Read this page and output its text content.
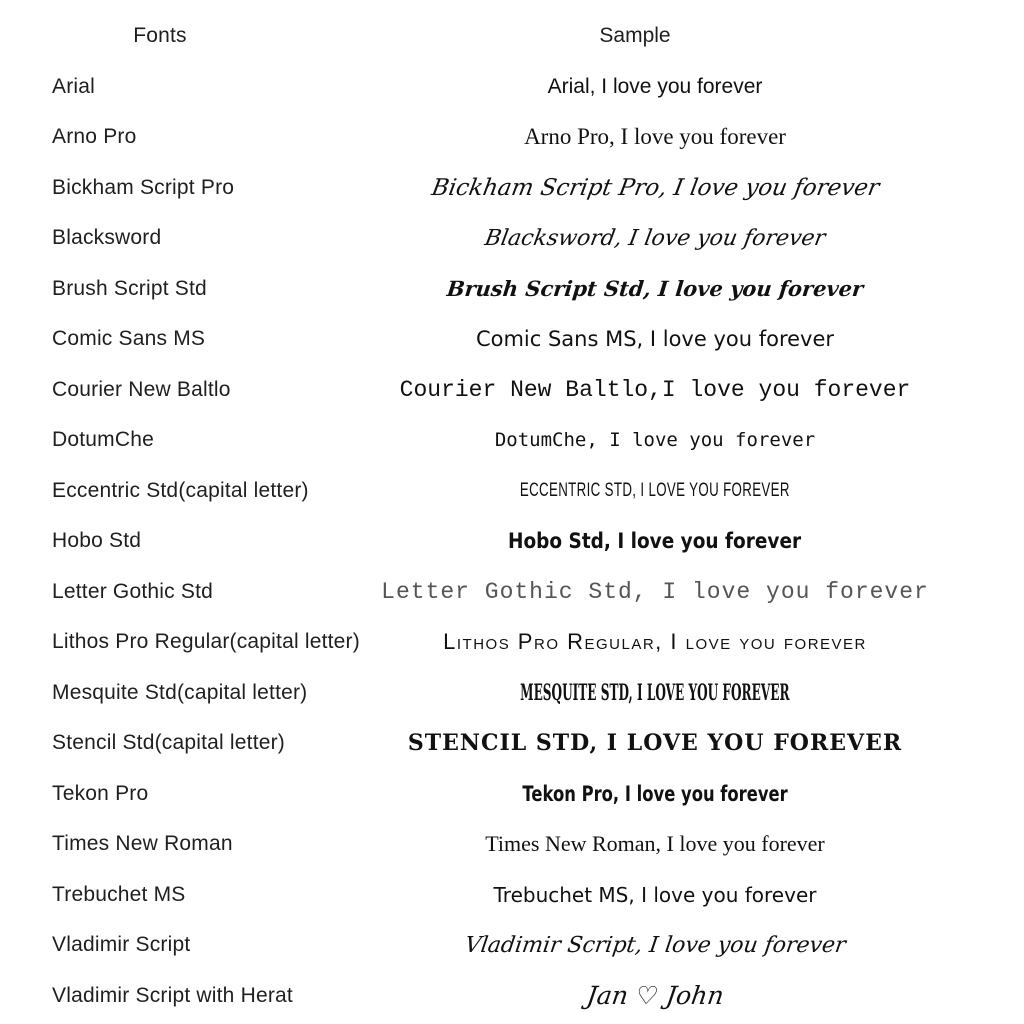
Fonts	Sample
Arial	Arial, I love you forever
Arno Pro	Arno Pro, I love you forever
Bickham Script Pro	Bickham Script Pro, I love you forever
Blacksword	Blacksword, I love you forever
Brush Script Std	Brush Script Std, I love you forever
Comic Sans MS	Comic Sans MS, I love you forever
Courier New Baltlo	Courier New Baltlo,I love you forever
DotumChe	DotumChe, I love you forever
Eccentric Std(capital letter)	ECCENTRIC STD, I LOVE YOU FOREVER
Hobo Std	Hobo Std, I love you forever
Letter Gothic Std	Letter Gothic Std, I love you forever
Lithos Pro Regular(capital letter)	Lithos Pro Regular, I love you forever
Mesquite Std(capital letter)	MESQUITE STD, I LOVE YOU FOREVER
Stencil Std(capital letter)	STENCIL STD, I LOVE YOU FOREVER
Tekon Pro	Tekon Pro, I love you forever
Times New Roman	Times New Roman, I love you forever
Trebuchet MS	Trebuchet MS, I love you forever
Vladimir Script	Vladimir Script, I love you forever
Vladimir Script with Herat	Jan ♡ John
